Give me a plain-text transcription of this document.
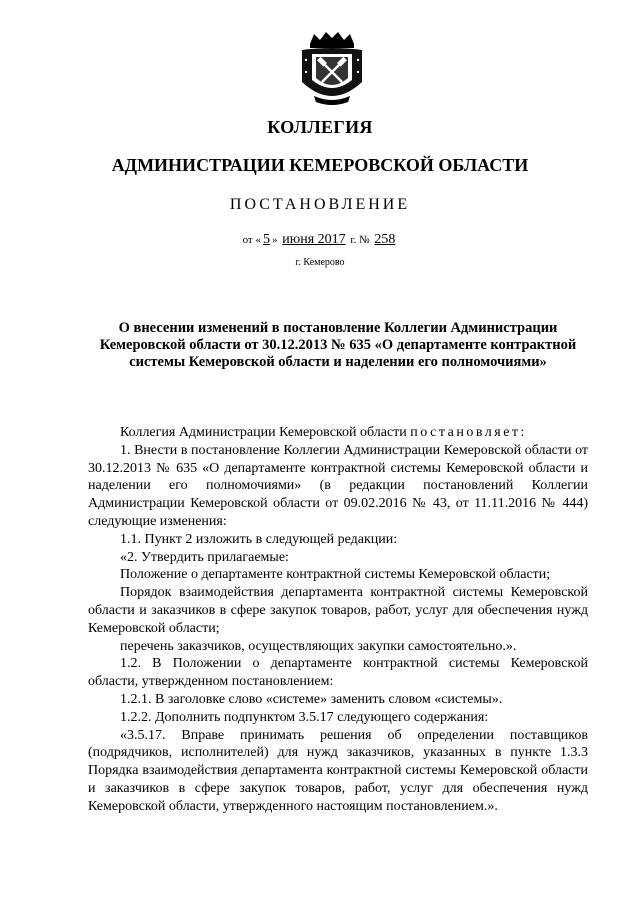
КОЛЛЕГИЯ
АДМИНИСТРАЦИИ КЕМЕРОВСКОЙ ОБЛАСТИ
ПОСТАНОВЛЕНИЕ
от « 5 » июня 2017 г. № 258
г. Кемерово
О внесении изменений в постановление Коллегии Администрации Кемеровской области от 30.12.2013 № 635 «О департаменте контрактной системы Кемеровской области и наделении его полномочиями»

Коллегия Администрации Кемеровской области постановляет:

1. Внести в постановление Коллегии Администрации Кемеровской области от 30.12.2013 № 635 «О департаменте контрактной системы Кемеровской области и наделении его полномочиями» (в редакции постановлений Коллегии Администрации Кемеровской области от 09.02.2016 № 43, от 11.11.2016 № 444) следующие изменения:

1.1. Пункт 2 изложить в следующей редакции:

«2. Утвердить прилагаемые:

Положение о департаменте контрактной системы Кемеровской области;

Порядок взаимодействия департамента контрактной системы Кемеровской области и заказчиков в сфере закупок товаров, работ, услуг для обеспечения нужд Кемеровской области;

перечень заказчиков, осуществляющих закупки самостоятельно.».

1.2. В Положении о департаменте контрактной системы Кемеровской области, утвержденном постановлением:

1.2.1. В заголовке слово «системе» заменить словом «системы».

1.2.2. Дополнить подпунктом 3.5.17 следующего содержания:

«3.5.17. Вправе принимать решения об определении поставщиков (подрядчиков, исполнителей) для нужд заказчиков, указанных в пункте 1.3.3 Порядка взаимодействия департамента контрактной системы Кемеровской области и заказчиков в сфере закупок товаров, работ, услуг для обеспечения нужд Кемеровской области, утвержденного настоящим постановлением.».
